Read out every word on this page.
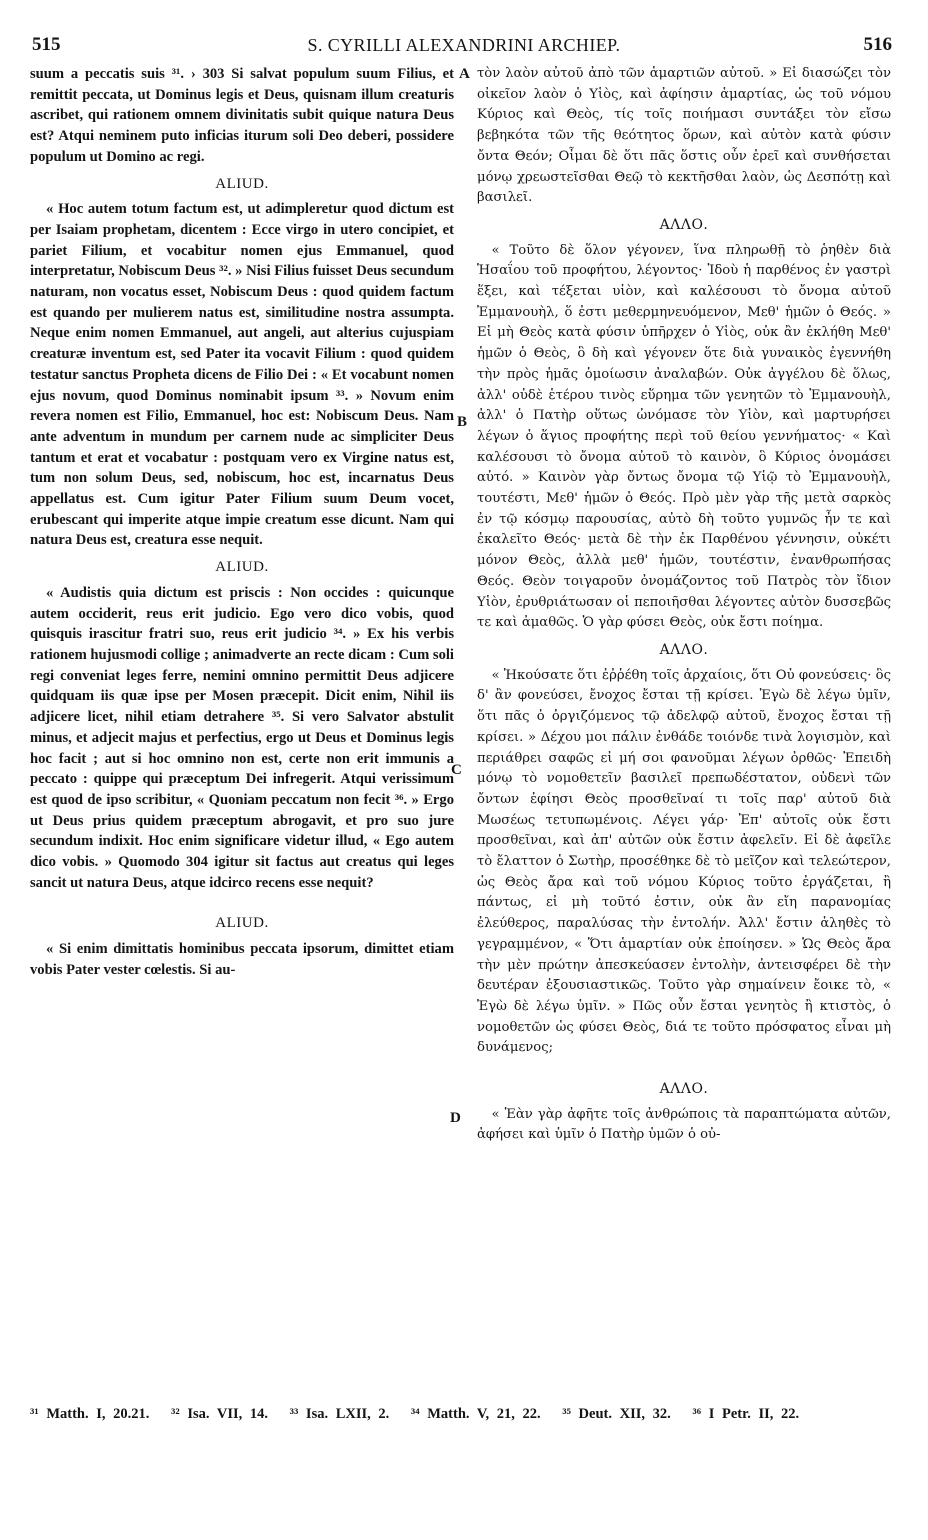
515	S. CYRILLI ALEXANDRINI ARCHIEP.	516

suum a peccatis suis ³¹. › 303 Si salvat populum suum Filius, et remittit peccata, ut Dominus legis et Deus, quisnam illum creaturis ascribet, qui rationem omnem divinitatis subit quique natura Deus est? Atqui neminem puto inficias iturum soli Deo deberi, possidere populum ut Domino ac regi.

ALIUD.

« Hoc autem totum factum est, ut adimpleretur quod dictum est per Isaiam prophetam, dicentem : Ecce virgo in utero concipiet, et pariet Filium, et vocabitur nomen ejus Emmanuel, quod interpretatur, Nobiscum Deus ³². » Nisi Filius fuisset Deus secundum naturam, non vocatus esset, Nobiscum Deus : quod quidem factum est quando per mulierem natus est, similitudine nostra assumpta. Neque enim nomen Emmanuel, aut angeli, aut alterius cujuspiam creaturæ inventum est, sed Pater ita vocavit Filium : quod quidem testatur sanctus Propheta dicens de Filio Dei : « Et vocabunt nomen ejus novum, quod Dominus nominabit ipsum ³³. » Novum enim revera nomen est Filio, Emmanuel, hoc est: Nobiscum Deus. Nam ante adventum in mundum per carnem nude ac simpliciter Deus tantum et erat et vocabatur : postquam vero ex Virgine natus est, tum non solum Deus, sed, nobiscum, hoc est, incarnatus Deus appellatus est. Cum igitur Pater Filium suum Deum vocet, erubescant qui imperite atque impie creatum esse dicunt. Nam qui natura Deus est, creatura esse nequit.

ALIUD.

« Audistis quia dictum est priscis : Non occides : quicunque autem occiderit, reus erit judicio. Ego vero dico vobis, quod quisquis irascitur fratri suo, reus erit judicio ³⁴. » Ex his verbis rationem hujusmodi collige ; animadverte an recte dicam : Cum soli regi conveniat leges ferre, nemini omnino permittit Deus adjicere quidquam iis quæ ipse per Mosen præcepit. Dicit enim, Nihil iis adjicere licet, nihil etiam detrahere ³⁵. Si vero Salvator abstulit minus, et adjecit majus et perfectius, ergo ut Deus et Dominus legis hoc facit ; aut si hoc omnino non est, certe non erit immunis a peccato : quippe qui præceptum Dei infregerit. Atqui verissimum est quod de ipso scribitur, « Quoniam peccatum non fecit ³⁶. » Ergo ut Deus prius quidem præceptum abrogavit, et pro suo jure secundum indixit. Hoc enim significare videtur illud, « Ego autem dico vobis. » Quomodo 304 igitur sit factus aut creatus qui leges sancit ut natura Deus, atque idcirco recens esse nequit?

ALIUD.

« Si enim dimittatis hominibus peccata ipsorum, dimittet etiam vobis Pater vester cœlestis. Si au-

A
B
C
D

τὸν λαὸν αὐτοῦ ἀπὸ τῶν ἁμαρτιῶν αὐτοῦ. » Εἰ διασώζει τὸν οἰκεῖον λαὸν ὁ Υἱὸς, καὶ ἀφίησιν ἁμαρτίας, ὡς τοῦ νόμου Κύριος καὶ Θεὸς, τίς τοῖς ποιήμασι συντάξει τὸν εἴσω βεβηκότα τῶν τῆς θεότητος ὅρων, καὶ αὐτὸν κατὰ φύσιν ὄντα Θεόν; Οἶμαι δὲ ὅτι πᾶς ὅστις οὖν ἐρεῖ καὶ συνθήσεται μόνῳ χρεωστεῖσθαι Θεῷ τὸ κεκτῆσθαι λαὸν, ὡς Δεσπότῃ καὶ βασιλεῖ.

ΑΛΛΟ.

« Τοῦτο δὲ ὅλον γέγονεν, ἵνα πληρωθῇ τὸ ῥηθὲν διὰ Ἡσαΐου τοῦ προφήτου, λέγοντος· Ἰδοὺ ἡ παρθένος ἐν γαστρὶ ἕξει, καὶ τέξεται υἱὸν, καὶ καλέσουσι τὸ ὄνομα αὐτοῦ Ἐμμανουὴλ, ὅ ἐστι μεθερμηνευόμενον, Μεθ' ἡμῶν ὁ Θεός. » Εἰ μὴ Θεὸς κατὰ φύσιν ὑπῆρχεν ὁ Υἱὸς, οὐκ ἂν ἐκλήθη Μεθ' ἡμῶν ὁ Θεὸς, ὃ δὴ καὶ γέγονεν ὅτε διὰ γυναικὸς ἐγεννήθη τὴν πρὸς ἡμᾶς ὁμοίωσιν ἀναλαβών. Οὐκ ἀγγέλου δὲ ὅλως, ἀλλ' οὐδὲ ἑτέρου τινὸς εὕρημα τῶν γενητῶν τὸ Ἐμμανουὴλ, ἀλλ' ὁ Πατὴρ οὕτως ὠνόμασε τὸν Υἱὸν, καὶ μαρτυρήσει λέγων ὁ ἅγιος προφήτης περὶ τοῦ θείου γεννήματος· « Καὶ καλέσουσι τὸ ὄνομα αὐτοῦ τὸ καινὸν, ὃ Κύριος ὀνομάσει αὐτό. » Καινὸν γὰρ ὄντως ὄνομα τῷ Υἱῷ τὸ Ἐμμανουὴλ, τουτέστι, Μεθ' ἡμῶν ὁ Θεός. Πρὸ μὲν γὰρ τῆς μετὰ σαρκὸς ἐν τῷ κόσμῳ παρουσίας, αὐτὸ δὴ τοῦτο γυμνῶς ἦν τε καὶ ἐκαλεῖτο Θεός· μετὰ δὲ τὴν ἐκ Παρθένου γέννησιν, οὐκέτι μόνον Θεὸς, ἀλλὰ μεθ' ἡμῶν, τουτέστιν, ἐνανθρωπήσας Θεός. Θεὸν τοιγαροῦν ὀνομάζοντος τοῦ Πατρὸς τὸν ἴδιον Υἱὸν, ἐρυθριάτωσαν οἱ πεποιῆσθαι λέγοντες αὐτὸν δυσσεβῶς τε καὶ ἀμαθῶς. Ὁ γὰρ φύσει Θεὸς, οὐκ ἔστι ποίημα.

ΑΛΛΟ.

« Ἠκούσατε ὅτι ἐῤῥέθη τοῖς ἀρχαίοις, ὅτι Οὐ φονεύσεις· ὃς δ' ἂν φονεύσει, ἔνοχος ἔσται τῇ κρίσει. Ἐγὼ δὲ λέγω ὑμῖν, ὅτι πᾶς ὁ ὀργιζόμενος τῷ ἀδελφῷ αὐτοῦ, ἔνοχος ἔσται τῇ κρίσει. » Δέχου μοι πάλιν ἐνθάδε τοιόνδε τινὰ λογισμὸν, καὶ περιάθρει σαφῶς εἰ μή σοι φανοῦμαι λέγων ὀρθῶς· Ἐπειδὴ μόνῳ τὸ νομοθετεῖν βασιλεῖ πρεπωδέστατον, οὐδενὶ τῶν ὄντων ἐφίησι Θεὸς προσθεῖναί τι τοῖς παρ' αὐτοῦ διὰ Μωσέως τετυπωμένοις. Λέγει γάρ· Ἐπ' αὐτοῖς οὐκ ἔστι προσθεῖναι, καὶ ἀπ' αὐτῶν οὐκ ἔστιν ἀφελεῖν. Εἰ δὲ ἀφεῖλε τὸ ἔλαττον ὁ Σωτὴρ, προσέθηκε δὲ τὸ μεῖζον καὶ τελεώτερον, ὡς Θεὸς ἄρα καὶ τοῦ νόμου Κύριος τοῦτο ἐργάζεται, ἢ πάντως, εἰ μὴ τοῦτό ἐστιν, οὐκ ἂν εἴη παρανομίας ἐλεύθερος, παραλύσας τὴν ἐντολήν. Ἀλλ' ἔστιν ἀληθὲς τὸ γεγραμμένον, « Ὅτι ἁμαρτίαν οὐκ ἐποίησεν. » Ὡς Θεὸς ἄρα τὴν μὲν πρώτην ἀπεσκεύασεν ἐντολὴν, ἀντεισφέρει δὲ τὴν δευτέραν ἐξουσιαστικῶς. Τοῦτο γὰρ σημαίνειν ἔοικε τὸ, « Ἐγὼ δὲ λέγω ὑμῖν. » Πῶς οὖν ἔσται γενητὸς ἢ κτιστὸς, ὁ νομοθετῶν ὡς φύσει Θεὸς, διά τε τοῦτο πρόσφατος εἶναι μὴ δυνάμενος;

ΑΛΛΟ.

« Ἐὰν γὰρ ἀφῆτε τοῖς ἀνθρώποις τὰ παραπτώματα αὐτῶν, ἀφήσει καὶ ὑμῖν ὁ Πατὴρ ὑμῶν ὁ οὐ-

³¹ Matth. I, 20.21. ³² Isa. VII, 14. ³³ Isa. LXII, 2. ³⁴ Matth. V, 21, 22. ³⁵ Deut. XII, 32. ³⁶ I Petr. II, 22.
